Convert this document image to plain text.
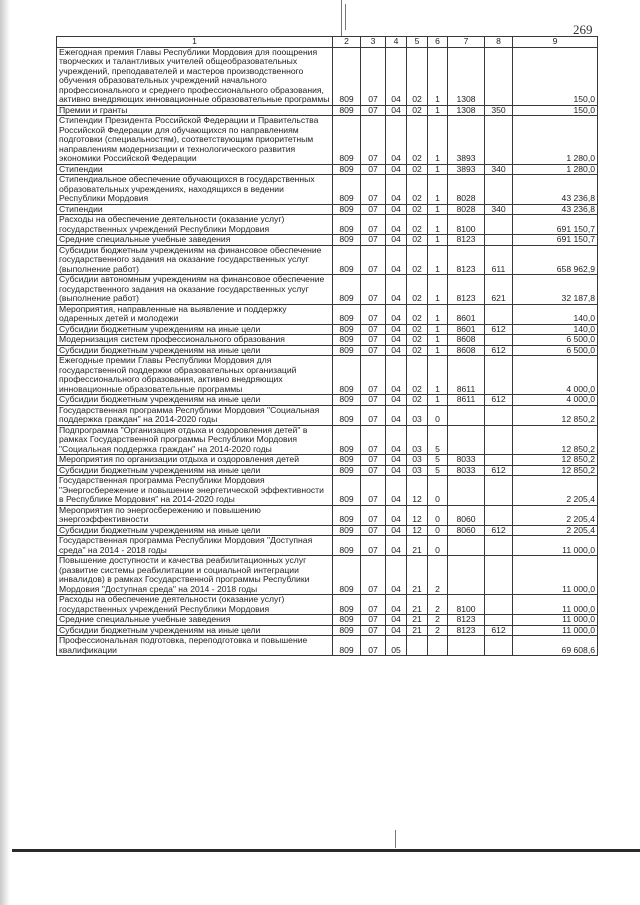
269
1	2	3	4	5	6	7	8	9
Ежегодная премия Главы Республики Мордовия для поощрения творческих и талантливых учителей общеобразовательных учреждений, преподавателей и мастеров производственного обучения образовательных учреждений начального профессионального и среднего профессионального образования, активно внедряющих инновационные образовательные программы	809	07	04	02	1	1308		150,0
Премии и гранты	809	07	04	02	1	1308	350	150,0
Стипендии Президента Российской Федерации и Правительства Российской Федерации для обучающихся по направлениям подготовки (специальностям), соответствующим приоритетным направлениям модернизации и технологического развития экономики Российской Федерации	809	07	04	02	1	3893		1 280,0
Стипендии	809	07	04	02	1	3893	340	1 280,0
Стипендиальное обеспечение обучающихся в государственных образовательных учреждениях, находящихся в ведении Республики Мордовия	809	07	04	02	1	8028		43 236,8
Стипендии	809	07	04	02	1	8028	340	43 236,8
Расходы на обеспечение деятельности (оказание услуг) государственных учреждений Республики Мордовия	809	07	04	02	1	8100		691 150,7
Средние специальные учебные заведения	809	07	04	02	1	8123		691 150,7
Субсидии бюджетным учреждениям на финансовое обеспечение государственного задания на оказание государственных услуг (выполнение работ)	809	07	04	02	1	8123	611	658 962,9
Субсидии автономным учреждениям на финансовое обеспечение государственного задания на оказание государственных услуг (выполнение работ)	809	07	04	02	1	8123	621	32 187,8
Мероприятия, направленные на выявление и поддержку одаренных детей и молодежи	809	07	04	02	1	8601		140,0
Субсидии бюджетным учреждениям на иные цели	809	07	04	02	1	8601	612	140,0
Модернизация систем профессионального образования	809	07	04	02	1	8608		6 500,0
Субсидии бюджетным учреждениям на иные цели	809	07	04	02	1	8608	612	6 500,0
Ежегодные премии Главы Республики Мордовия для государственной поддержки образовательных организаций профессионального образования, активно внедряющих инновационные образовательные программы	809	07	04	02	1	8611		4 000,0
Субсидии бюджетным учреждениям на иные цели	809	07	04	02	1	8611	612	4 000,0
Государственная программа Республики Мордовия "Социальная поддержка граждан" на 2014-2020 годы	809	07	04	03	0			12 850,2
Подпрограмма "Организация отдыха и оздоровления детей" в рамках Государственной программы Республики Мордовия "Социальная поддержка граждан" на 2014-2020 годы	809	07	04	03	5			12 850,2
Мероприятия по организации отдыха и оздоровления детей	809	07	04	03	5	8033		12 850,2
Субсидии бюджетным учреждениям на иные цели	809	07	04	03	5	8033	612	12 850,2
Государственная программа Республики Мордовия "Энергосбережение и повышение энергетической эффективности в Республике Мордовия" на 2014-2020 годы	809	07	04	12	0			2 205,4
Мероприятия по энергосбережению и повышению энергоэффективности	809	07	04	12	0	8060		2 205,4
Субсидии бюджетным учреждениям на иные цели	809	07	04	12	0	8060	612	2 205,4
Государственная программа Республики Мордовия "Доступная среда" на 2014 - 2018 годы	809	07	04	21	0			11 000,0
Повышение доступности и качества реабилитационных услуг (развитие системы реабилитации и социальной интеграции инвалидов) в рамках Государственной программы Республики Мордовия "Доступная среда" на 2014 - 2018 годы	809	07	04	21	2			11 000,0
Расходы на обеспечение деятельности (оказание услуг) государственных учреждений Республики Мордовия	809	07	04	21	2	8100		11 000,0
Средние специальные учебные заведения	809	07	04	21	2	8123		11 000,0
Субсидии бюджетным учреждениям на иные цели	809	07	04	21	2	8123	612	11 000,0
Профессиональная подготовка, переподготовка и повышение квалификации	809	07	05					69 608,6
